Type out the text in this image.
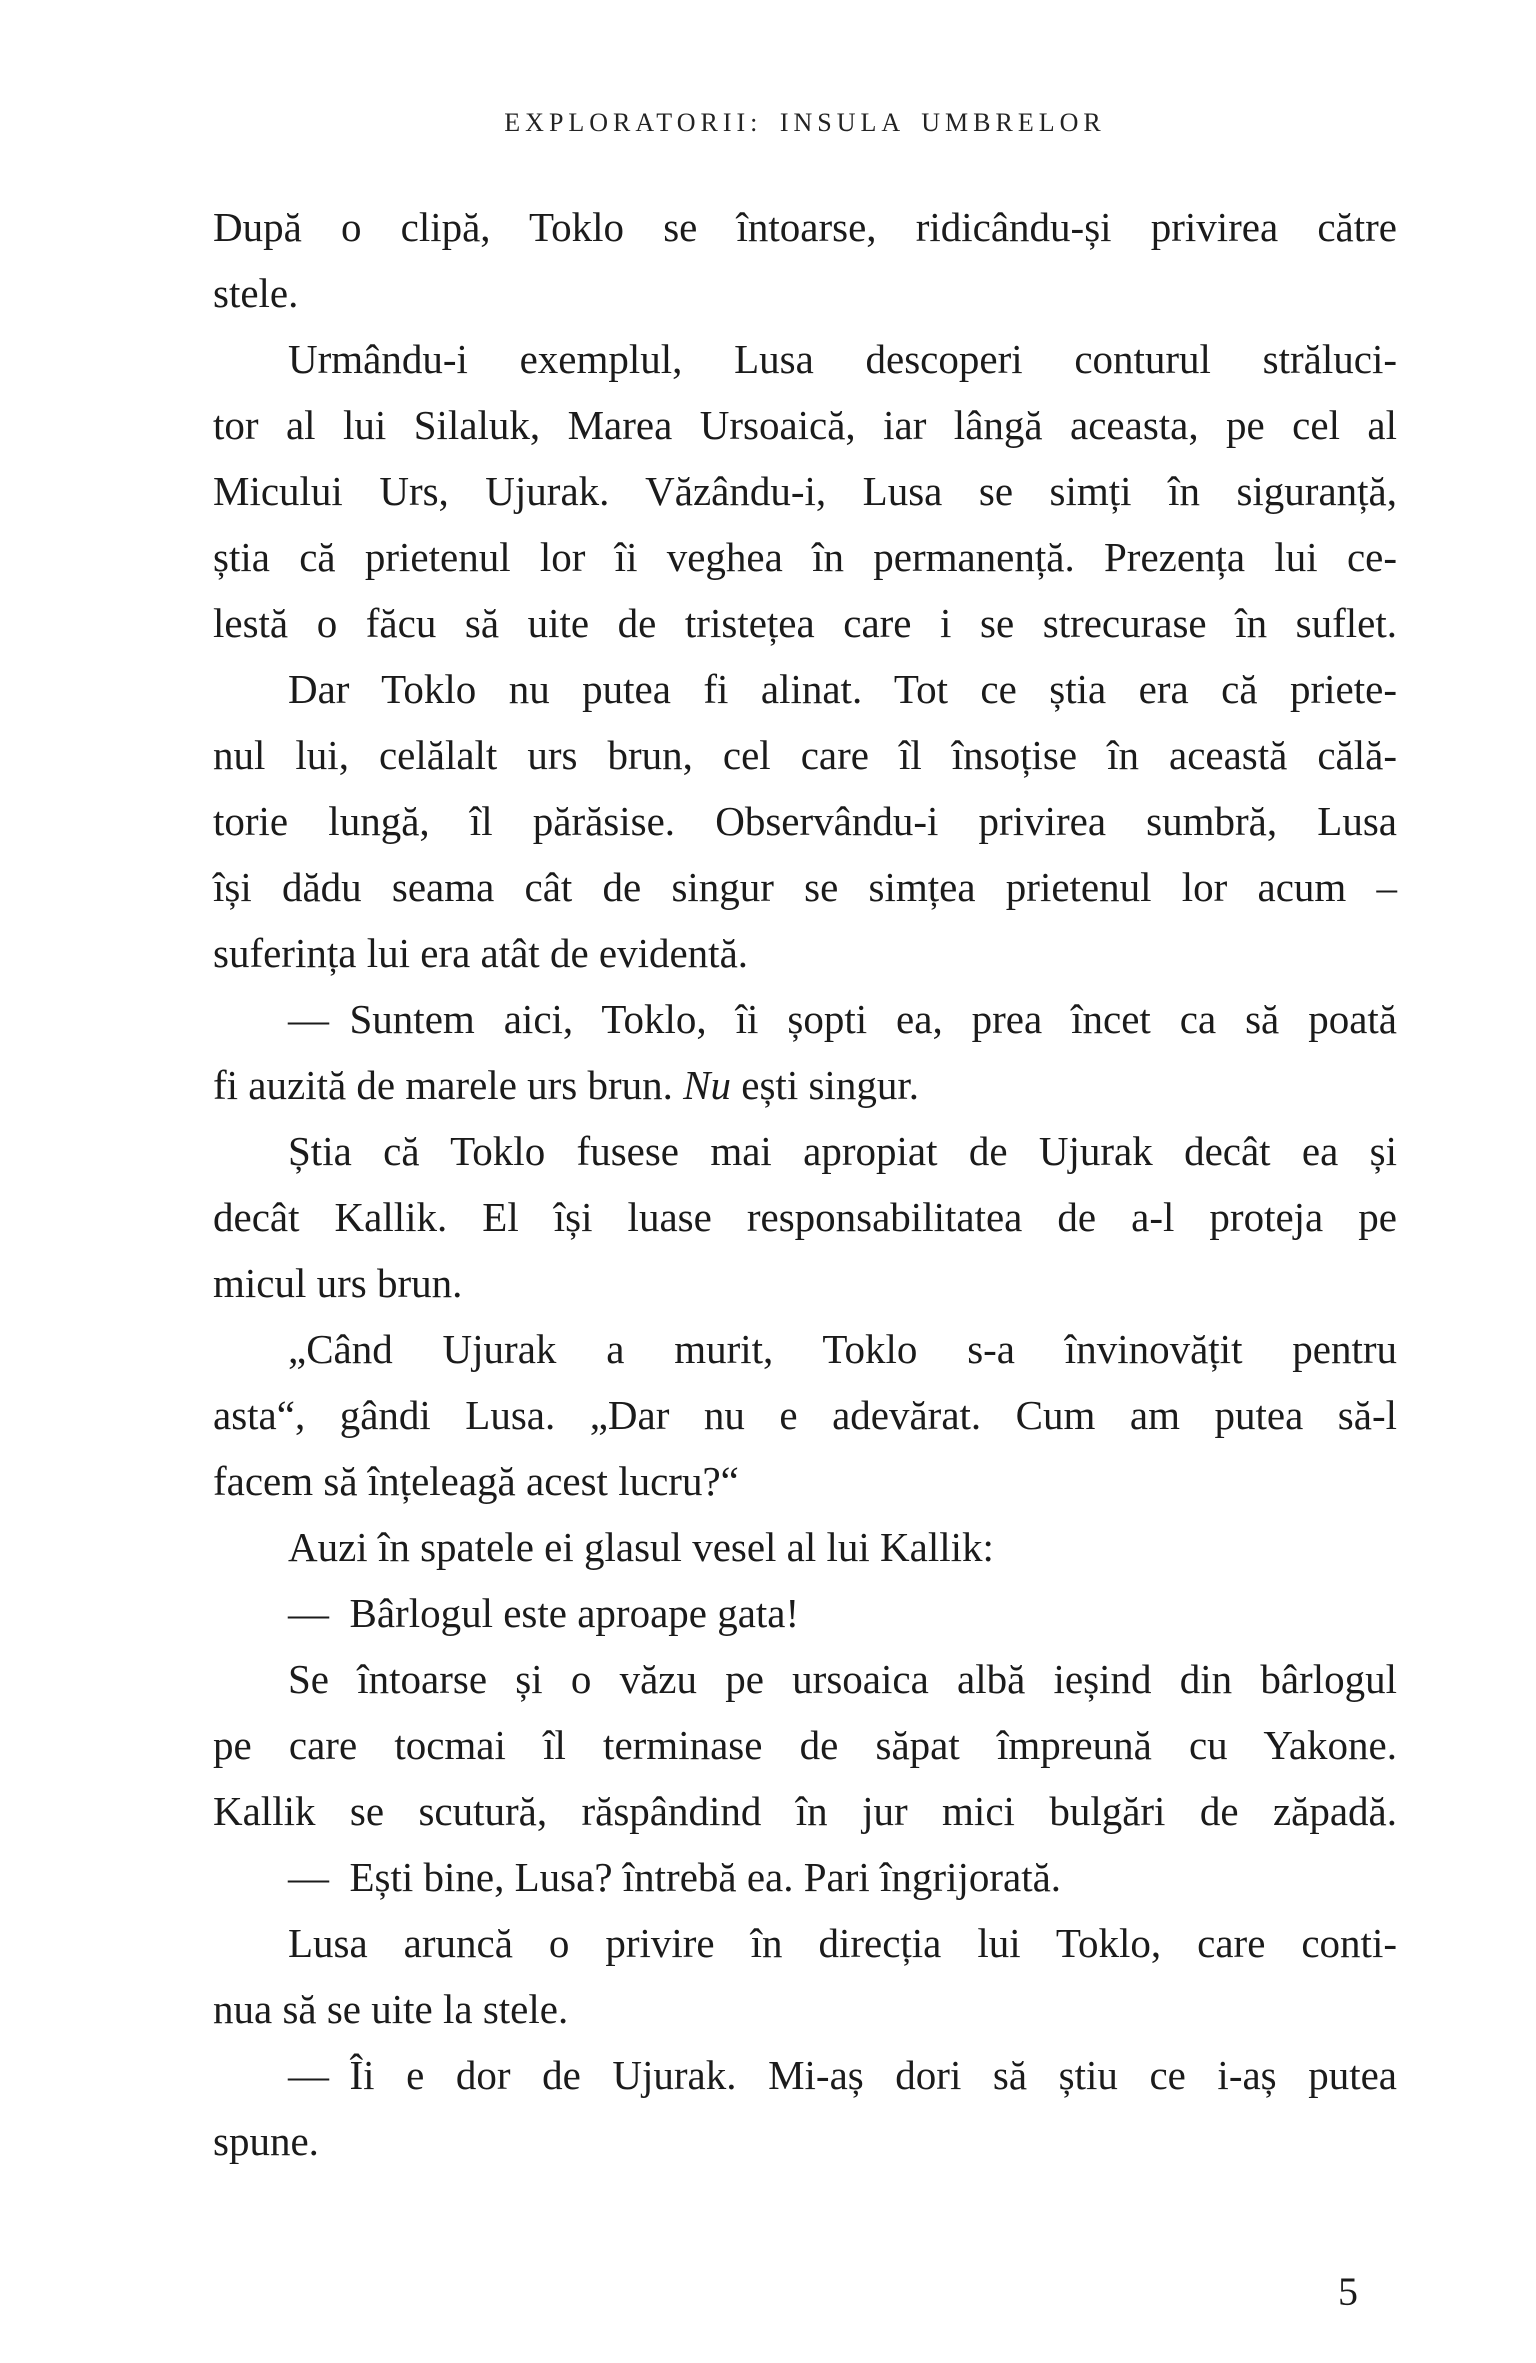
EXPLORATORII: INSULA UMBRELOR
După o clipă, Toklo se întoarse, ridicându-și privirea către
stele.
Urmându-i exemplul, Lusa descoperi conturul străluci-
tor al lui Silaluk, Marea Ursoaică, iar lângă aceasta, pe cel al
Micului Urs, Ujurak. Văzându-i, Lusa se simți în siguranță,
știa că prietenul lor îi veghea în permanență. Prezența lui ce-
lestă o făcu să uite de tristețea care i se strecurase în suflet.
Dar Toklo nu putea fi alinat. Tot ce știa era că priete-
nul lui, celălalt urs brun, cel care îl însoțise în această călă-
torie lungă, îl părăsise. Observându-i privirea sumbră, Lusa
își dădu seama cât de singur se simțea prietenul lor acum –
suferința lui era atât de evidentă.
— Suntem aici, Toklo, îi șopti ea, prea încet ca să poată
fi auzită de marele urs brun. Nu ești singur.
Știa că Toklo fusese mai apropiat de Ujurak decât ea și
decât Kallik. El își luase responsabilitatea de a-l proteja pe
micul urs brun.
„Când Ujurak a murit, Toklo s-a învinovățit pentru
asta“, gândi Lusa. „Dar nu e adevărat. Cum am putea să-l
facem să înțeleagă acest lucru?“
Auzi în spatele ei glasul vesel al lui Kallik:
— Bârlogul este aproape gata!
Se întoarse și o văzu pe ursoaica albă ieșind din bârlogul
pe care tocmai îl terminase de săpat împreună cu Yakone.
Kallik se scutură, răspândind în jur mici bulgări de zăpadă.
— Ești bine, Lusa? întrebă ea. Pari îngrijorată.
Lusa aruncă o privire în direcția lui Toklo, care conti-
nua să se uite la stele.
— Îi e dor de Ujurak. Mi-aș dori să știu ce i-aș putea
spune.
5
